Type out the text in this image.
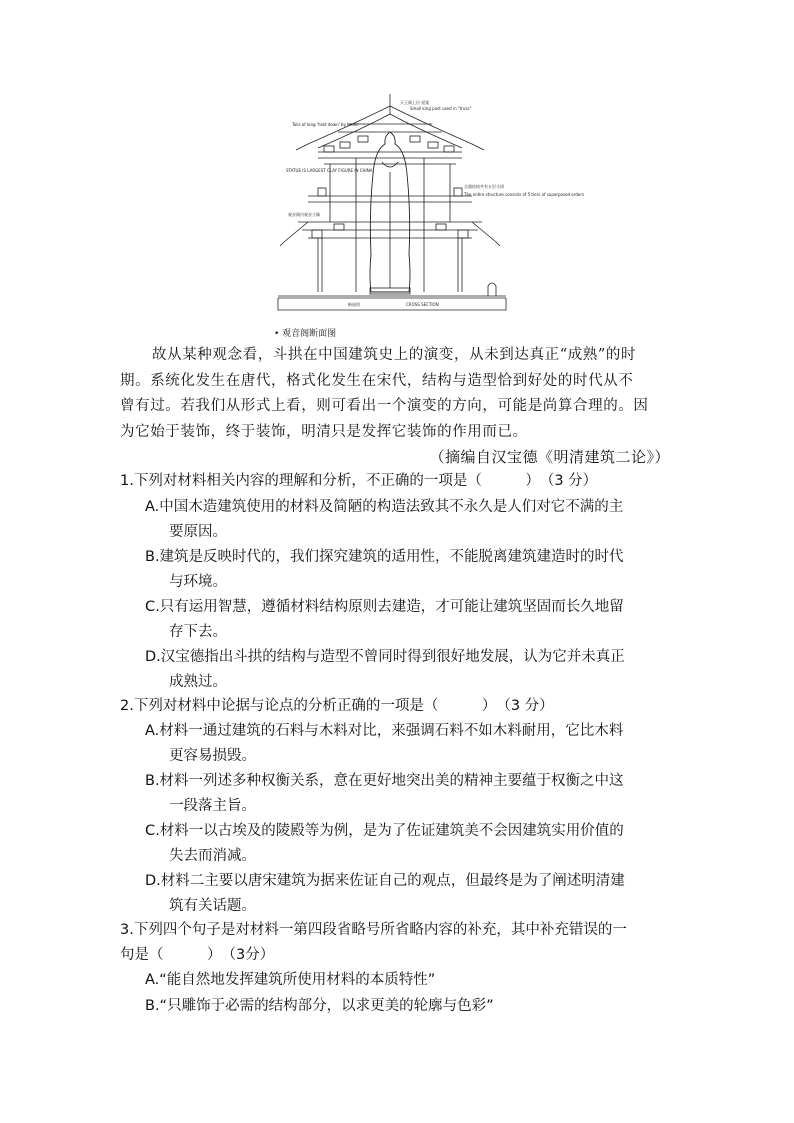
天王阁上层 屋架
Small king post used in "truss"
Tails of long 'hold down' by beam
STATUE IS LARGEST CLAY FIGURE IN CHINA
观音阁内观音立像
全阁结构共有五层斗拱
The entire structure consists of 5 tiers of superposed orders
断面图	CROSS SECTION
• 观音阁断面图
故从某种观念看，斗拱在中国建筑史上的演变，从未到达真正“成熟”的时
期。系统化发生在唐代，格式化发生在宋代，结构与造型恰到好处的时代从不
曾有过。若我们从形式上看，则可看出一个演变的方向，可能是尚算合理的。因
为它始于装饰，终于装饰，明清只是发挥它装饰的作用而已。
（摘编自汉宝德《明清建筑二论》）
1.下列对材料相关内容的理解和分析，不正确的一项是（　　　）　（3 分）
A.中国木造建筑使用的材料及简陋的构造法致其不永久是人们对它不满的主
要原因。
B.建筑是反映时代的，我们探究建筑的适用性，不能脱离建筑建造时的时代
与环境。
C.只有运用智慧，遵循材料结构原则去建造，才可能让建筑坚固而长久地留
存下去。
D.汉宝德指出斗拱的结构与造型不曾同时得到很好地发展，认为它并未真正
成熟过。
2.下列对材料中论据与论点的分析正确的一项是（　　　）　（3 分）
A.材料一通过建筑的石料与木料对比，来强调石料不如木料耐用，它比木料
更容易损毁。
B.材料一列述多种权衡关系，意在更好地突出美的精神主要蕴于权衡之中这
一段落主旨。
C.材料一以古埃及的陵殿等为例，是为了佐证建筑美不会因建筑实用价值的
失去而消减。
D.材料二主要以唐宋建筑为据来佐证自己的观点，但最终是为了阐述明清建
筑有关话题。
3.下列四个句子是对材料一第四段省略号所省略内容的补充，其中补充错误的一
句是（　　　）　（3分）
A.“能自然地发挥建筑所使用材料的本质特性”
B.“只雕饰于必需的结构部分，以求更美的轮廓与色彩”
